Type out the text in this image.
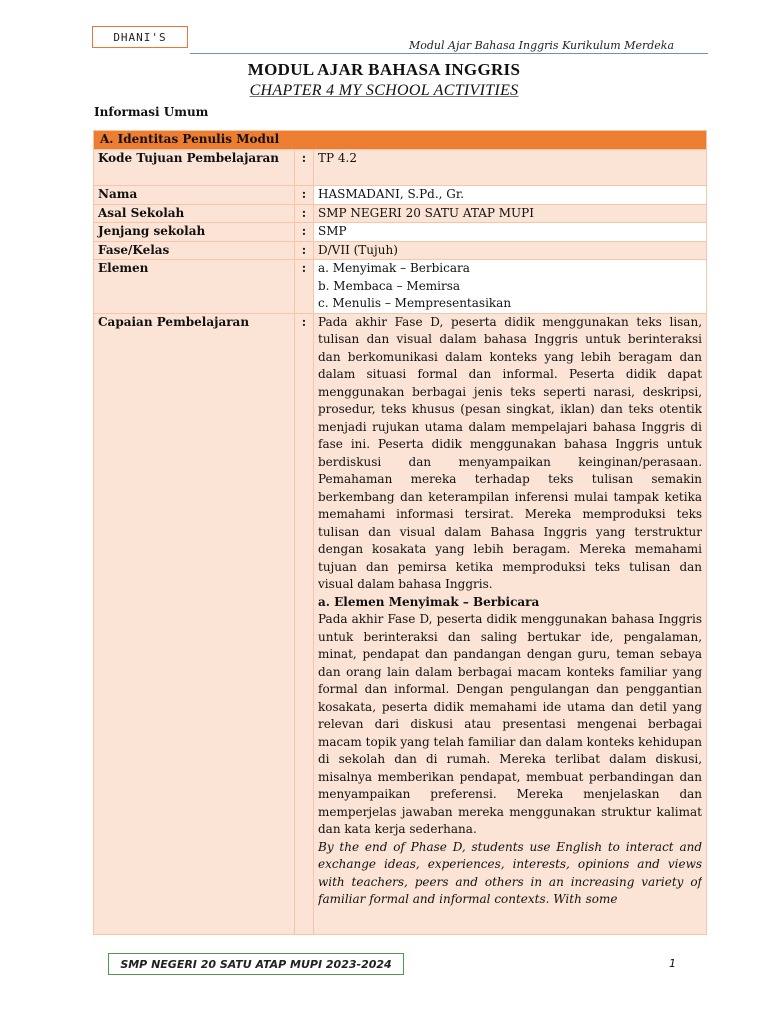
DHANI'S
Modul Ajar Bahasa Inggris Kurikulum Merdeka
MODUL AJAR BAHASA INGGRIS
CHAPTER 4 MY SCHOOL ACTIVITIES
Informasi Umum
A. Identitas Penulis Modul		
Kode Tujuan Pembelajaran	:	TP 4.2
Nama	:	HASMADANI, S.Pd., Gr.
Asal Sekolah	:	SMP NEGERI 20 SATU ATAP MUPI
Jenjang sekolah	:	SMP
Fase/Kelas	:	D/VII (Tujuh)
Elemen	:	a. Menyimak – Berbicara
b. Membaca – Memirsa
c. Menulis – Mempresentasikan

Capaian Pembelajaran	:	Pada akhir Fase D, peserta didik menggunakan teks lisan, tulisan dan visual dalam bahasa Inggris untuk berinteraksi dan berkomunikasi dalam konteks yang lebih beragam dan dalam situasi formal dan informal. Peserta didik dapat menggunakan berbagai jenis teks seperti narasi, deskripsi, prosedur, teks khusus (pesan singkat, iklan) dan teks otentik menjadi rujukan utama dalam mempelajari bahasa Inggris di fase ini. Peserta didik menggunakan bahasa Inggris untuk berdiskusi dan menyampaikan keinginan/perasaan. Pemahaman mereka terhadap teks tulisan semakin berkembang dan keterampilan inferensi mulai tampak ketika memahami informasi tersirat. Mereka memproduksi teks tulisan dan visual dalam Bahasa Inggris yang terstruktur dengan kosakata yang lebih beragam. Mereka memahami tujuan dan pemirsa ketika memproduksi teks tulisan dan visual dalam bahasa Inggris.
a. Elemen Menyimak – Berbicara
Pada akhir Fase D, peserta didik menggunakan bahasa Inggris untuk berinteraksi dan saling bertukar ide, pengalaman, minat, pendapat dan pandangan dengan guru, teman sebaya dan orang lain dalam berbagai macam konteks familiar yang formal dan informal. Dengan pengulangan dan penggantian kosakata, peserta didik memahami ide utama dan detil yang relevan dari diskusi atau presentasi mengenai berbagai macam topik yang telah familiar dan dalam konteks kehidupan di sekolah dan di rumah. Mereka terlibat dalam diskusi, misalnya memberikan pendapat, membuat perbandingan dan menyampaikan preferensi. Mereka menjelaskan dan memperjelas jawaban mereka menggunakan struktur kalimat dan kata kerja sederhana.
By the end of Phase D, students use English to interact and exchange ideas, experiences, interests, opinions and views with teachers, peers and others in an increasing variety of familiar formal and informal contexts. With some
SMP NEGERI 20 SATU ATAP MUPI 2023-2024	1
